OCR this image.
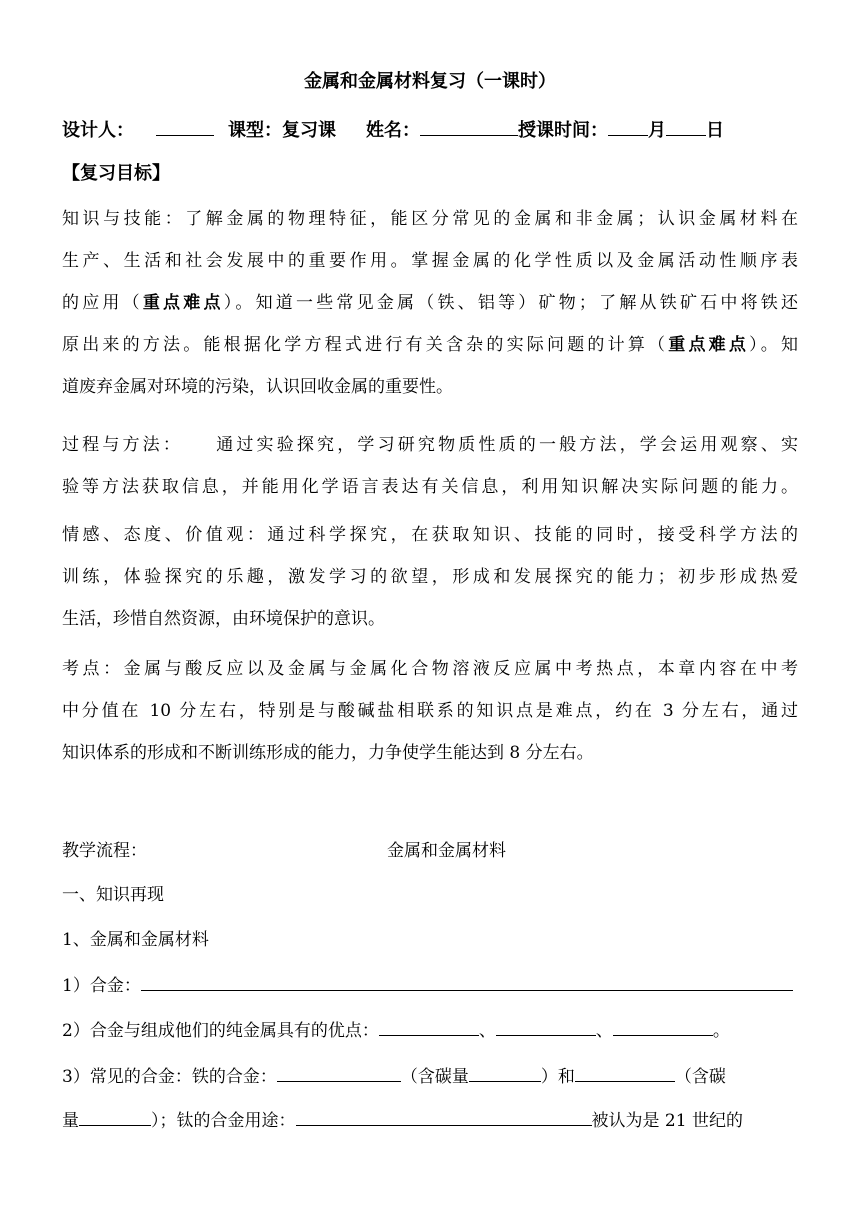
金属和金属材料复习（一课时）
设计人：	课型：复习课 姓名：	授课时间： 月 日
【复习目标】
知识与技能：了解金属的物理特征，能区分常见的金属和非金属；认识金属材料在
生产、生活和社会发展中的重要作用。掌握金属的化学性质以及金属活动性顺序表
的应用（重点难点）。知道一些常见金属（铁、铝等）矿物；了解从铁矿石中将铁还
原出来的方法。能根据化学方程式进行有关含杂的实际问题的计算（重点难点）。知
道废弃金属对环境的污染，认识回收金属的重要性。
过程与方法： 通过实验探究，学习研究物质性质的一般方法，学会运用观察、实
验等方法获取信息，并能用化学语言表达有关信息，利用知识解决实际问题的能力。
情感、态度、价值观：通过科学探究，在获取知识、技能的同时，接受科学方法的
训练，体验探究的乐趣，激发学习的欲望，形成和发展探究的能力；初步形成热爱
生活，珍惜自然资源，由环境保护的意识。
考点：金属与酸反应以及金属与金属化合物溶液反应属中考热点，本章内容在中考
中分值在 10 分左右，特别是与酸碱盐相联系的知识点是难点，约在 3 分左右，通过
知识体系的形成和不断训练形成的能力，力争使学生能达到 8 分左右。
教学流程：	金属和金属材料
一、知识再现
1、金属和金属材料
1）合金：
2）合金与组成他们的纯金属具有的优点：	、	、	。
3）常见的合金：铁的合金：	（含碳量	）和	（含碳
量	）；钛的合金用途：	被认为是 21 世纪的
